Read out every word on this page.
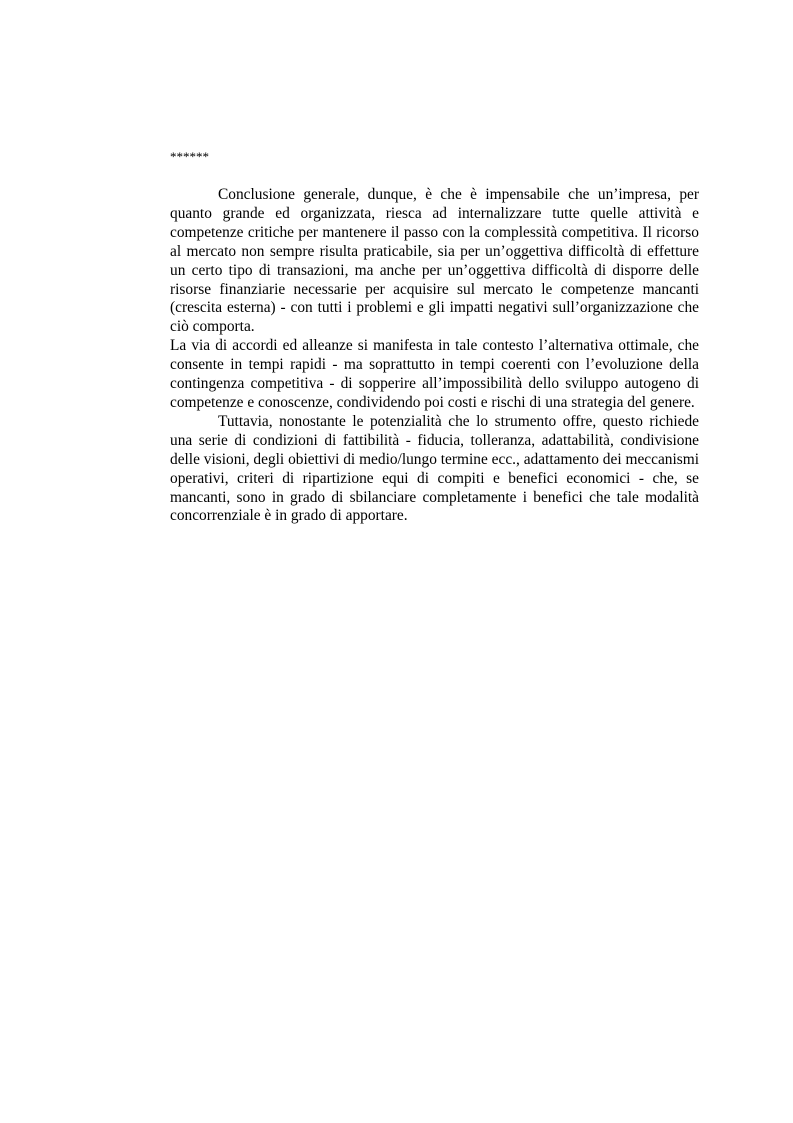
******

Conclusione generale, dunque, è che è impensabile che un’impresa, per quanto grande ed organizzata, riesca ad internalizzare tutte quelle attività e competenze critiche per mantenere il passo con la complessità competitiva. Il ricorso al mercato non sempre risulta praticabile, sia per un’oggettiva difficoltà di effetture un certo tipo di transazioni, ma anche per un’oggettiva difficoltà di disporre delle risorse finanziarie necessarie per acquisire sul mercato le competenze mancanti (crescita esterna) - con tutti i problemi e gli impatti negativi sull’organizzazione che ciò comporta.

La via di accordi ed alleanze si manifesta in tale contesto l’alternativa ottimale, che consente in tempi rapidi - ma soprattutto in tempi coerenti con l’evoluzione della contingenza competitiva - di sopperire all’impossibilità dello sviluppo autogeno di competenze e conoscenze, condividendo poi costi e rischi di una strategia del genere.

Tuttavia, nonostante le potenzialità che lo strumento offre, questo richiede una serie di condizioni di fattibilità - fiducia, tolleranza, adattabilità, condivisione delle visioni, degli obiettivi di medio/lungo termine ecc., adattamento dei meccanismi operativi, criteri di ripartizione equi di compiti e benefici economici - che, se mancanti, sono in grado di sbilanciare completamente i benefici che tale modalità concorrenziale è in grado di apportare.
